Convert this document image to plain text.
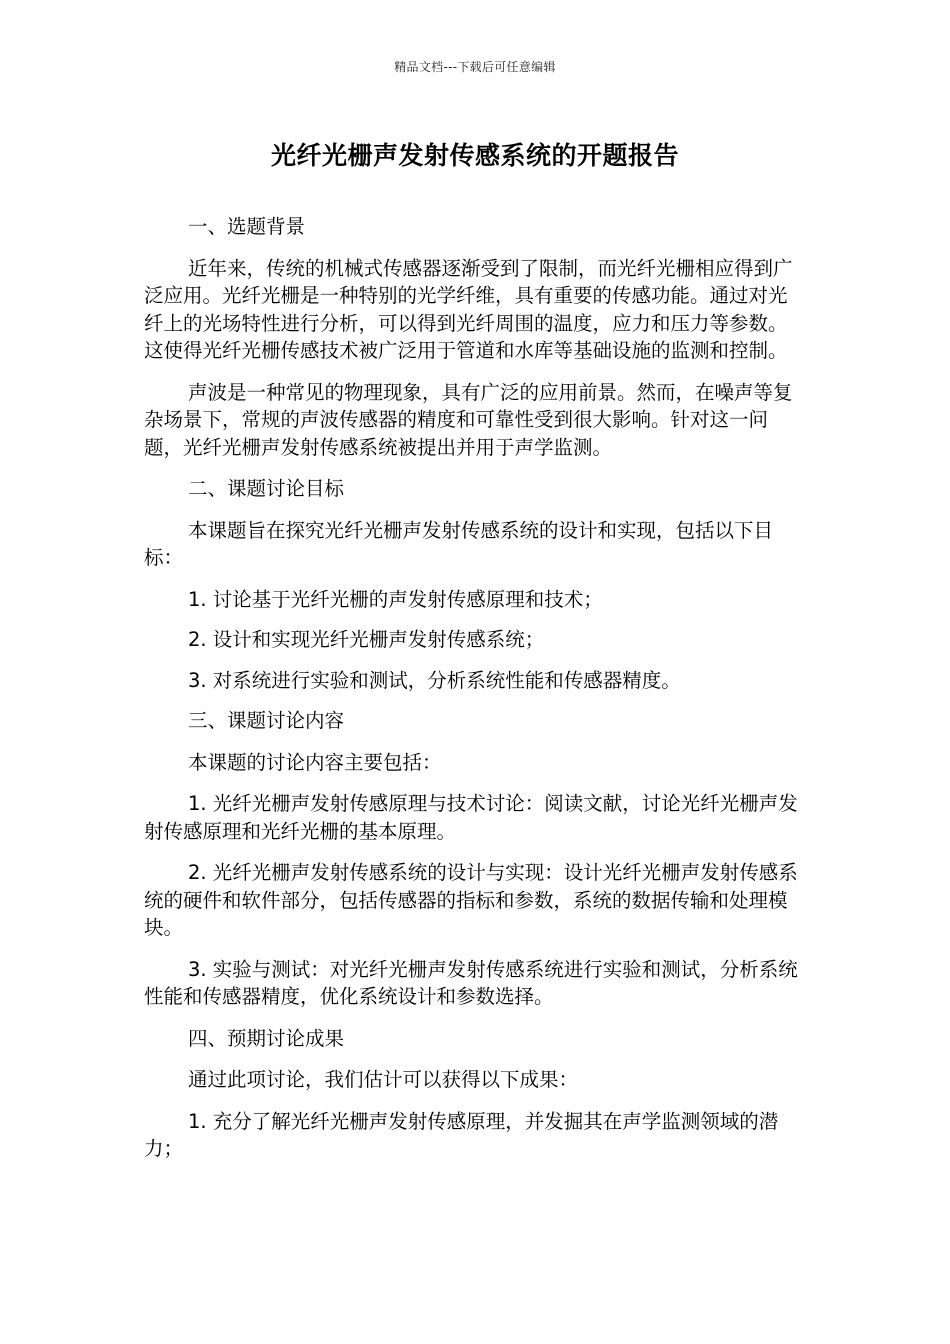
精品文档---下载后可任意编辑
光纤光栅声发射传感系统的开题报告

一、选题背景

近年来，传统的机械式传感器逐渐受到了限制，而光纤光栅相应得到广泛应用。光纤光栅是一种特别的光学纤维，具有重要的传感功能。通过对光纤上的光场特性进行分析，可以得到光纤周围的温度，应力和压力等参数。这使得光纤光栅传感技术被广泛用于管道和水库等基础设施的监测和控制。

声波是一种常见的物理现象，具有广泛的应用前景。然而，在噪声等复杂场景下，常规的声波传感器的精度和可靠性受到很大影响。针对这一问题，光纤光栅声发射传感系统被提出并用于声学监测。

二、课题讨论目标

本课题旨在探究光纤光栅声发射传感系统的设计和实现，包括以下目标：

1. 讨论基于光纤光栅的声发射传感原理和技术；

2. 设计和实现光纤光栅声发射传感系统；

3. 对系统进行实验和测试，分析系统性能和传感器精度。

三、课题讨论内容

本课题的讨论内容主要包括：

1. 光纤光栅声发射传感原理与技术讨论：阅读文献，讨论光纤光栅声发射传感原理和光纤光栅的基本原理。

2. 光纤光栅声发射传感系统的设计与实现：设计光纤光栅声发射传感系统的硬件和软件部分，包括传感器的指标和参数，系统的数据传输和处理模块。

3. 实验与测试：对光纤光栅声发射传感系统进行实验和测试，分析系统性能和传感器精度，优化系统设计和参数选择。

四、预期讨论成果

通过此项讨论，我们估计可以获得以下成果：

1. 充分了解光纤光栅声发射传感原理，并发掘其在声学监测领域的潜力；
